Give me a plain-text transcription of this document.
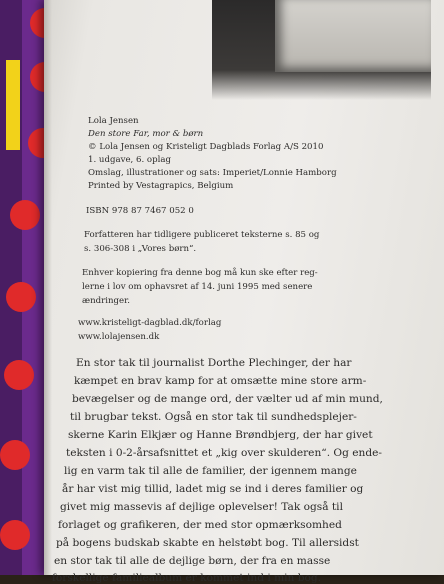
Lola Jensen
Den store Far, mor & børn
© Lola Jensen og Kristeligt Dagblads Forlag A/S 2010
1. udgave, 6. oplag
Omslag, illustrationer og sats: Imperiet/Lonnie Hamborg
Printed by Vestagrapics, Belgium
ISBN 978 87 7467 052 0
Forfatteren har tidligere publiceret teksterne s. 85 og
s. 306-308 i „Vores børn“.
Enhver kopiering fra denne bog må kun ske efter reg-
lerne i lov om ophavsret af 14. juni 1995 med senere
ændringer.
www.kristeligt-dagblad.dk/forlag
www.lolajensen.dk
En stor tak til journalist Dorthe Plechinger, der har
kæmpet en brav kamp for at omsætte mine store arm-
bevægelser og de mange ord, der vælter ud af min mund,
til brugbar tekst. Også en stor tak til sundhedsplejer-
skerne Karin Elkjær og Hanne Brøndbjerg, der har givet
teksten i 0-2-årsafsnittet et „kig over skulderen“. Og ende-
lig en varm tak til alle de familier, der igennem mange
år har vist mig tillid, ladet mig se ind i deres familier og
givet mig massevis af dejlige oplevelser! Tak også til
forlaget og grafikeren, der med stor opmærksomhed
på bogens budskab skabte en helstøbt bog. Til allersidst
en stor tak til alle de dejlige børn, der fra en masse
forskellige familiealbum er kommet ind i min bog.
